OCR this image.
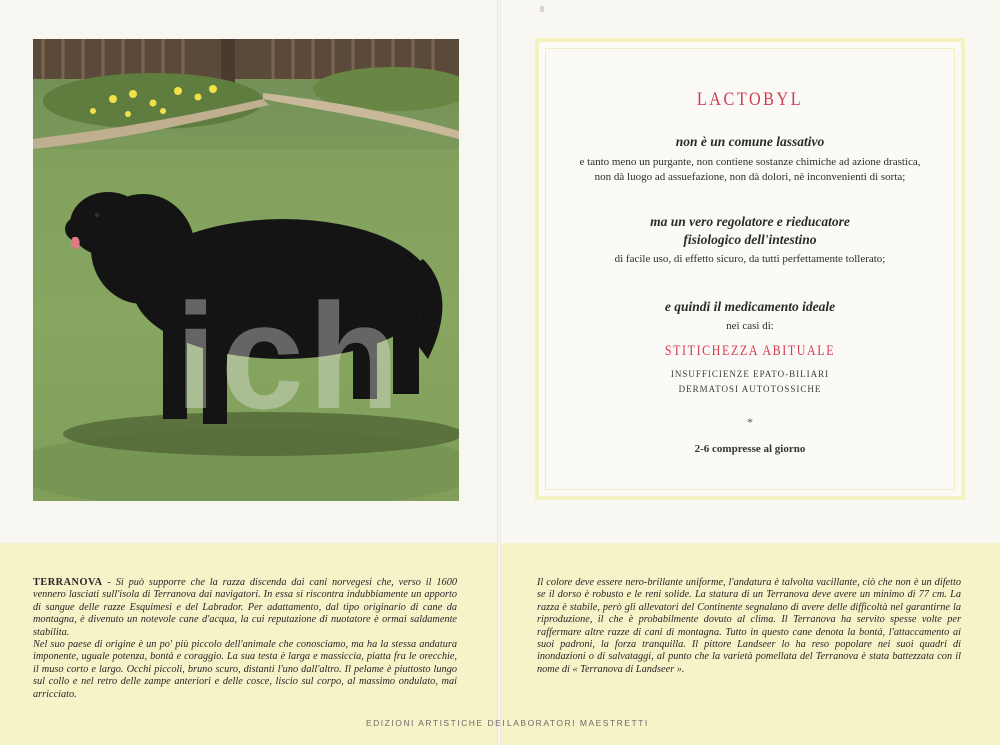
ich

LACTOBYL

non è un comune lassativo

e tanto meno un purgante, non contiene sostanze chimiche ad azione drastica, non dà luogo ad assuefazione, non dà dolori, nè inconvenienti di sorta;

ma un vero regolatore e rieducatore

fisiologico dell'intestino

di facile uso, di effetto sicuro, da tutti perfettamente tollerato;

e quindi il medicamento ideale

nei casi di:

STITICHEZZA ABITUALE

INSUFFICIENZE EPATO-BILIARI

DERMATOSI AUTOTOSSICHE

*

2-6 compresse al giorno

TERRANOVA - Si può supporre che la razza discenda dai cani norvegesi che, verso il 1600 vennero lasciati sull'isola di Terranova dai navigatori. In essa si riscontra indubbiamente un apporto di sangue delle razze Esquimesi e del Labrador. Per adattamento, dal tipo originario di cane da montagna, è divenuto un notevole cane d'acqua, la cui reputazione di nuotatore è ormai saldamente stabilita.

Nel suo paese di origine è un po' più piccolo dell'animale che conosciamo, ma ha la stessa andatura imponente, uguale potenza, bontà e coraggio. La sua testa è larga e massiccia, piatta fra le orecchie, il muso corto e largo. Occhi piccoli, bruno scuro, distanti l'uno dall'altro. Il pelame è piuttosto lungo sul collo e nel retro delle zampe anteriori e delle cosce, liscio sul corpo, al massimo ondulato, mai arricciato.

Il colore deve essere nero-brillante uniforme, l'andatura è talvolta vacillante, ciò che non è un difetto se il dorso è robusto e le reni solide. La statura di un Terranova deve avere un minimo di 77 cm. La razza è stabile, però gli allevatori del Continente segnalano di avere delle difficoltà nel garantirne la riproduzione, il che è probabilmente dovuto al clima. Il Terranova ha servito spesse volte per raffermare altre razze di cani di montagna. Tutto in questo cane denota la bontà, l'attaccamento ai suoi padroni, la forza tranquilla. Il pittore Landseer lo ha reso popolare nei suoi quadri di inondazioni o di salvataggi, al punto che la varietà pomellata del Terranova è stata battezzata con il nome di « Terranova di Landseer ».

EDIZIONI ARTISTICHE DEI LABORATORI MAESTRETTI
